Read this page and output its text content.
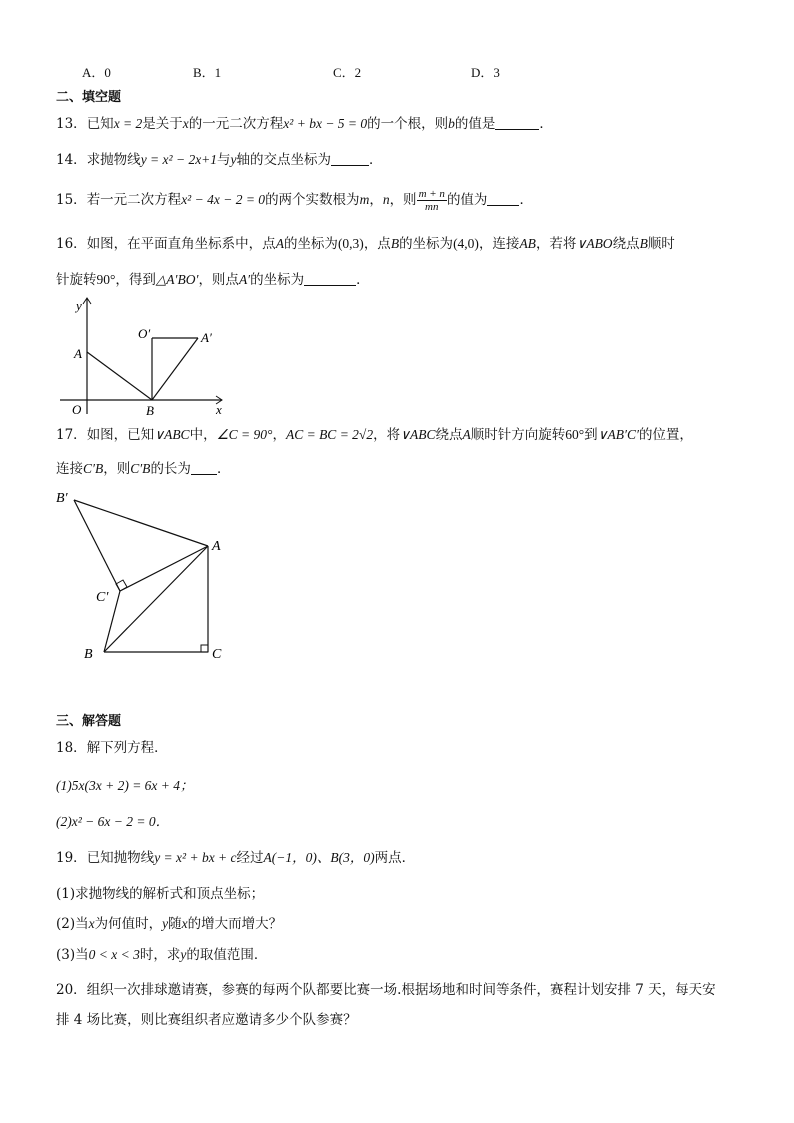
A．0	B．1	C．2	D．3
二、填空题
13．已知x = 2是关于x的一元二次方程x² + bx − 5 = 0的一个根，则b的值是	．
14．求抛物线y = x² − 2x+1与y轴的交点坐标为	．
15．若一元二次方程x² − 4x − 2 = 0的两个实数根为m，n，则 $\frac{m + n}{mn}$ 的值为 ．
16．如图，在平面直角坐标系中，点A的坐标为(0,3)，点B的坐标为(4,0)，连接AB，若将∨ABO绕点B顺时
针旋转90°，得到△A′BO′，则点A′的坐标为	．
y
A′
O′
A
O	B	x
17．如图，已知∨ABC中，∠C = 90°，AC = BC = 2√2，将∨ABC绕点A顺时针方向旋转60°到∨AB′C′的位置，
连接C′B，则C′B的长为 ．
B′
A
C′
B	C
三、解答题
18．解下列方程．
(1)5x(3x + 2) = 6x + 4；
(2)x² − 6x − 2 = 0．
19．已知抛物线y = x² + bx + c经过A(−1，0)、B(3，0)两点．
(1)求抛物线的解析式和顶点坐标；
(2)当x为何值时，y随x的增大而增大？
(3)当0 < x < 3时，求y的取值范围．
20．组织一次排球邀请赛，参赛的每两个队都要比赛一场.根据场地和时间等条件，赛程计划安排 7 天，每天安
排 4 场比赛，则比赛组织者应邀请多少个队参赛？
